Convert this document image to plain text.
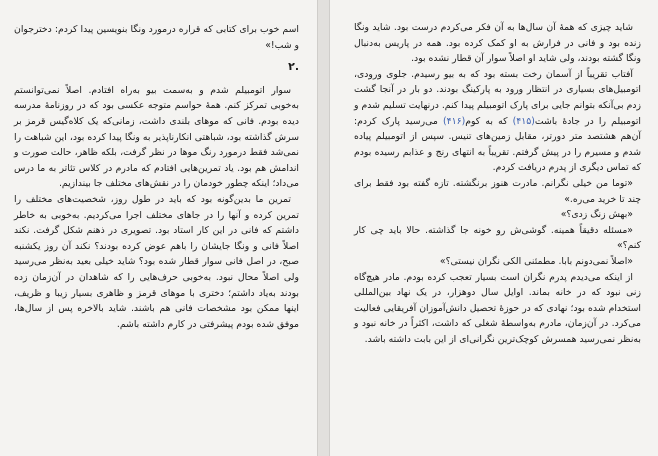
اسم خوب برای کتابی که قراره درمورد ونگا بنویسین پیدا کردم: دخترجوان و شب!»

.۲

سوار اتومبیلم شدم و به‌سمت بیو به‌راه افتادم. اصلاً نمی‌توانستم به‌خوبی تمرکز کنم. همهٔ حواسم متوجه عکسی بود که در روزنامهٔ مدرسه دیده بودم. فانی که موهای بلندی داشت، زمانی‌که یک کلاه‌گیس قرمز بر سرش گذاشته بود، شباهتی انکارناپذیر به ونگا پیدا کرده بود، این شباهت را نمی‌شد فقط درمورد رنگ موها در نظر گرفت، بلکه ظاهر، حالت صورت و اندامش هم بود. یاد تمرین‌هایی افتادم که مادرم در کلاس تئاتر به ما درس می‌داد؛ اینکه چطور خودمان را در نقش‌های مختلف جا بیندازیم.

تمرین ما بدین‌گونه بود که باید در طول روز، شخصیت‌های مختلف را تمرین کرده و آنها را در جاهای مختلف اجرا می‌کردیم. به‌خوبی به خاطر داشتم که فانی در این کار استاد بود. تصویری در ذهنم شکل گرفت. نکند اصلاً فانی و ونگا جایشان را باهم عوض کرده بودند؟ نکند آن روز یکشنبه صبح، در اصل فانی سوار قطار شده بود؟ شاید خیلی بعید به‌نظر می‌رسید ولی اصلاً محال نبود. به‌خوبی حرف‌هایی را که شاهدان در آن‌زمان زده بودند به‌یاد داشتم؛ دختری با موهای قرمز و ظاهری بسیار زیبا و ظریف، اینها ممکن بود مشخصات فانی هم باشند. شاید بالاخره پس از سال‌ها، موفق شده بودم پیشرفتی در کارم داشته باشم.

شاید چیزی که همهٔ آن سال‌ها به آن فکر می‌کردم درست بود. شاید ونگا زنده بود و فانی در فرارش به او کمک کرده بود. همه در پاریس به‌دنبال ونگا گشته بودند، ولی شاید او اصلاً سوار آن قطار نشده بود.

آفتاب تقریباً از آسمان رخت بسته بود که به بیو رسیدم. جلوی ورودی، اتومبیل‌های بسیاری در انتظار ورود به پارکینگ بودند. دو بار در آنجا گشت زدم بی‌آنکه بتوانم جایی برای پارک اتومبیلم پیدا کنم. درنهایت تسلیم شدم و اتومبیلم را در جادهٔ باشت(۴۱۵) که به کوم(۴۱۶) می‌رسید پارک کردم: آن‌هم هشتصد متر دورتر، مقابل زمین‌های تنیس. سپس از اتومبیلم پیاده شدم و مسیرم را در پیش گرفتم. تقریباً به انتهای رنج و عذابم رسیده بودم که تماس دیگری از پدرم دریافت کردم.

«توما من خیلی نگرانم. مادرت هنوز برنگشته. تازه گفته بود فقط برای چند تا خرید می‌ره.»

«بهش زنگ زدی؟»

«مسئله دقیقاً همینه. گوشی‌ش رو خونه جا گذاشته. حالا باید چی کار کنم؟»

«اصلاً نمی‌دونم بابا. مطمئنی الکی نگران نیستی؟»

از اینکه می‌دیدم پدرم نگران است بسیار تعجب کرده بودم. مادر هیچ‌گاه زنی نبود که در خانه بماند. اوایل سال دوهزار، در یک نهاد بین‌المللی استخدام شده بود؛ نهادی که در حوزهٔ تحصیل دانش‌آموزان آفریقایی فعالیت می‌کرد. در آن‌زمان، مادرم به‌واسطهٔ شغلی که داشت، اکثراً در خانه نبود و به‌نظر نمی‌رسید همسرش کوچک‌ترین نگرانی‌ای از این بابت داشته باشد.
